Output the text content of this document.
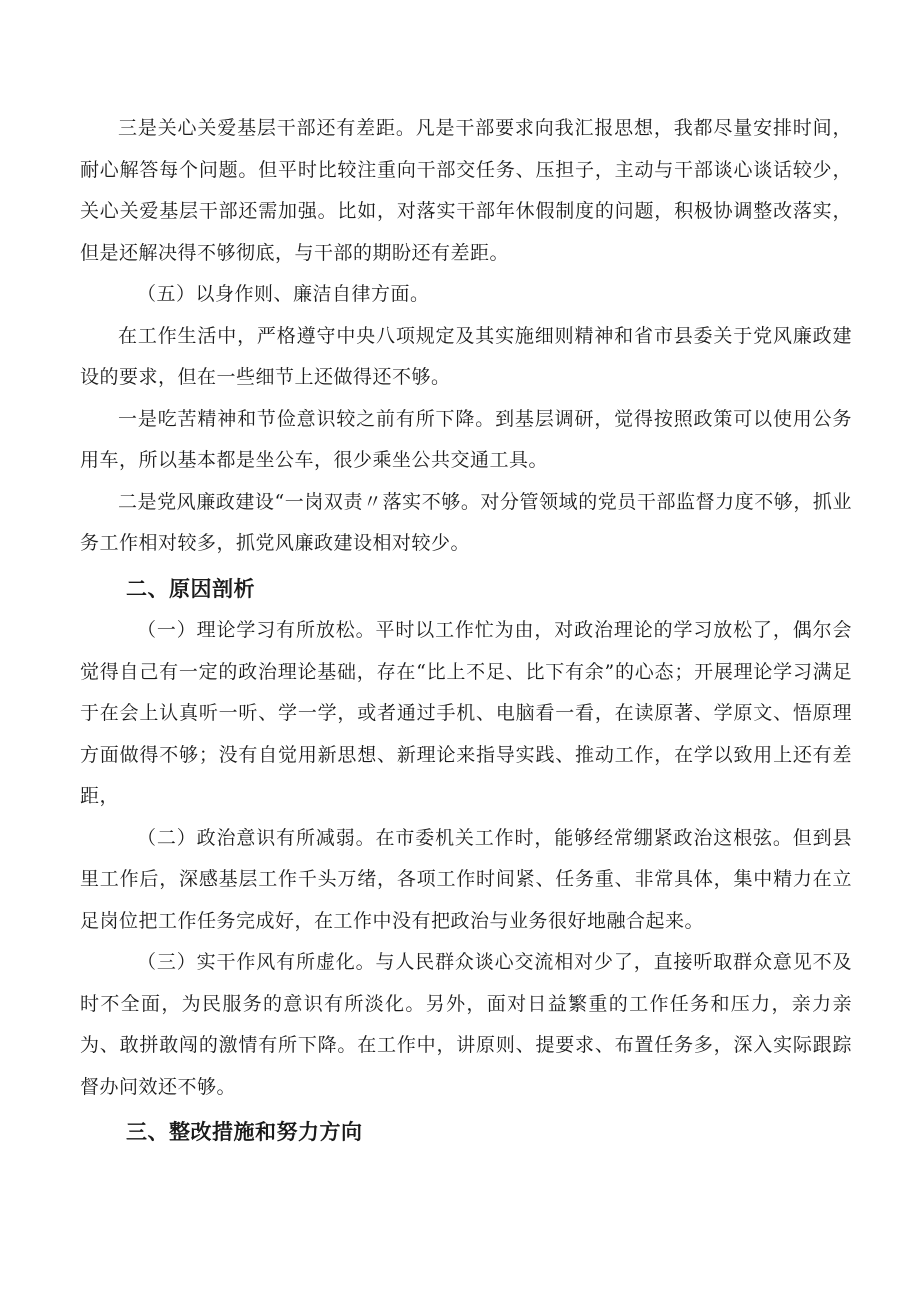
三是关心关爱基层干部还有差距。凡是干部要求向我汇报思想，我都尽量安排时间，耐心解答每个问题。但平时比较注重向干部交任务、压担子，主动与干部谈心谈话较少，关心关爱基层干部还需加强。比如，对落实干部年休假制度的问题，积极协调整改落实，但是还解决得不够彻底，与干部的期盼还有差距。

（五）以身作则、廉洁自律方面。

在工作生活中，严格遵守中央八项规定及其实施细则精神和省市县委关于党风廉政建设的要求，但在一些细节上还做得还不够。

一是吃苦精神和节俭意识较之前有所下降。到基层调研，觉得按照政策可以使用公务用车，所以基本都是坐公车，很少乘坐公共交通工具。

二是党风廉政建设“一岗双责〃落实不够。对分管领域的党员干部监督力度不够，抓业务工作相对较多，抓党风廉政建设相对较少。

二、原因剖析

（一）理论学习有所放松。平时以工作忙为由，对政治理论的学习放松了，偶尔会觉得自己有一定的政治理论基础，存在“比上不足、比下有余”的心态；开展理论学习满足于在会上认真听一听、学一学，或者通过手机、电脑看一看，在读原著、学原文、悟原理方面做得不够；没有自觉用新思想、新理论来指导实践、推动工作，在学以致用上还有差距，

（二）政治意识有所减弱。在市委机关工作时，能够经常绷紧政治这根弦。但到县里工作后，深感基层工作千头万绪，各项工作时间紧、任务重、非常具体，集中精力在立足岗位把工作任务完成好，在工作中没有把政治与业务很好地融合起来。

（三）实干作风有所虚化。与人民群众谈心交流相对少了，直接听取群众意见不及时不全面，为民服务的意识有所淡化。另外，面对日益繁重的工作任务和压力，亲力亲为、敢拼敢闯的激情有所下降。在工作中，讲原则、提要求、布置任务多，深入实际跟踪督办问效还不够。

三、整改措施和努力方向
